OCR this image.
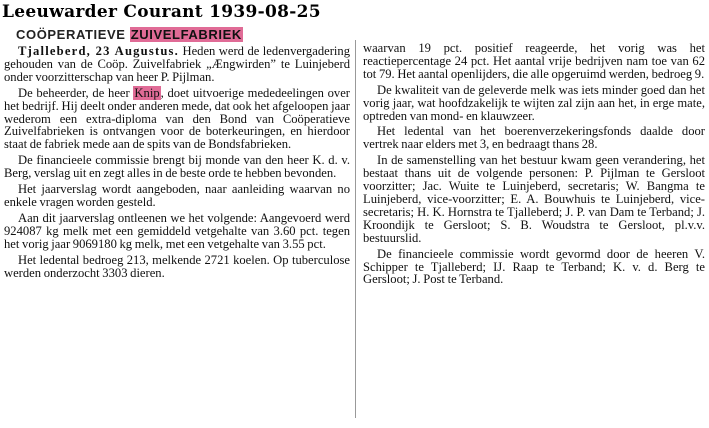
Leeuwarder Courant 1939-08-25
COÖPERATIEVE ZUIVELFABRIEK

Tjalleberd, 23 Augustus. Heden werd de ledenvergadering gehouden van de Coöp. Zuivelfabriek „Ængwirden” te Luinjeberd onder voorzitterschap van heer P. Pijlman.

De beheerder, de heer Knip, doet uitvoerige mededeelingen over het bedrijf. Hij deelt onder anderen mede, dat ook het afgeloopen jaar wederom een extra-diploma van den Bond van Coöperatieve Zuivelfabrieken is ontvangen voor de boterkeuringen, en hierdoor staat de fabriek mede aan de spits van de Bondsfabrieken.

De financieele commissie brengt bij monde van den heer K. d. v. Berg, verslag uit en zegt alles in de beste orde te hebben bevonden.

Het jaarverslag wordt aangeboden, naar aanleiding waarvan no enkele vragen worden gesteld.

Aan dit jaarverslag ontleenen we het volgende: Aangevoerd werd 924087 kg melk met een gemiddeld vetgehalte van 3.60 pct. tegen het vorig jaar 9069180 kg melk, met een vetgehalte van 3.55 pct.

Het ledental bedroeg 213, melkende 2721 koelen. Op tuberculose werden onderzocht 3303 dieren.

waarvan 19 pct. positief reageerde, het vorig was het reactiepercentage 24 pct. Het aantal vrije bedrijven nam toe van 62 tot 79. Het aantal openlijders, die alle opgeruimd werden, bedroeg 9.

De kwaliteit van de geleverde melk was iets minder goed dan het vorig jaar, wat hoofdzakelijk te wijten zal zijn aan het, in erge mate, optreden van mond- en klauwzeer.

Het ledental van het boerenverzekeringsfonds daalde door vertrek naar elders met 3, en bedraagt thans 28.

In de samenstelling van het bestuur kwam geen verandering, het bestaat thans uit de volgende personen: P. Pijlman te Gersloot voorzitter; Jac. Wuite te Luinjeberd, secretaris; W. Bangma te Luinjeberd, vice-voorzitter; E. A. Bouwhuis te Luinjeberd, vice-secretaris; H. K. Hornstra te Tjalleberd; J. P. van Dam te Terband; J. Kroondijk te Gersloot; S. B. Woudstra te Gersloot, pl.v.v. bestuurslid.

De financieele commissie wordt gevormd door de heeren V. Schipper te Tjalleberd; IJ. Raap te Terband; K. v. d. Berg te Gersloot; J. Post te Terband.
